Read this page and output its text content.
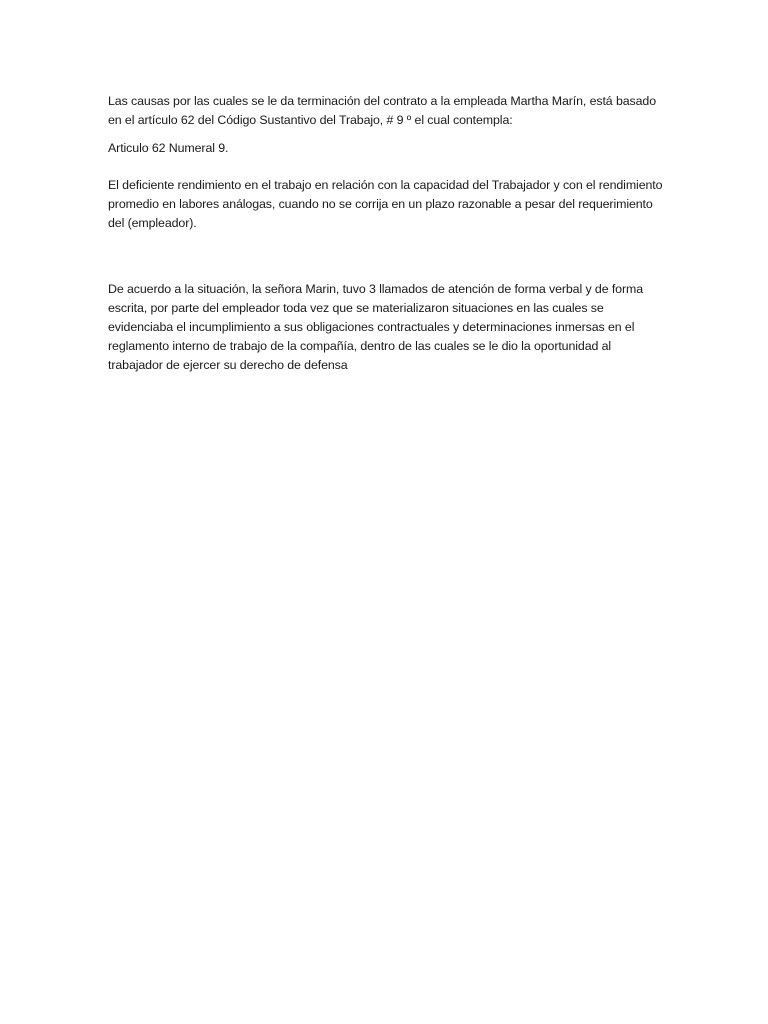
Las causas por las cuales se le da terminación del contrato a la empleada Martha Marín, está basado en el artículo 62 del Código Sustantivo del Trabajo, # 9 º el cual contempla:

Articulo 62 Numeral 9.

El deficiente rendimiento en el trabajo en relación con la capacidad del Trabajador y con el rendimiento promedio en labores análogas, cuando no se corrija en un plazo razonable a pesar del requerimiento del (empleador).

De acuerdo a la situación, la señora Marin, tuvo 3 llamados de atención de forma verbal y de forma escrita, por parte del empleador toda vez que se materializaron situaciones en las cuales se evidenciaba el incumplimiento a sus obligaciones contractuales y determinaciones inmersas en el reglamento interno de trabajo de la compañía, dentro de las cuales se le dio la oportunidad al trabajador de ejercer su derecho de defensa
